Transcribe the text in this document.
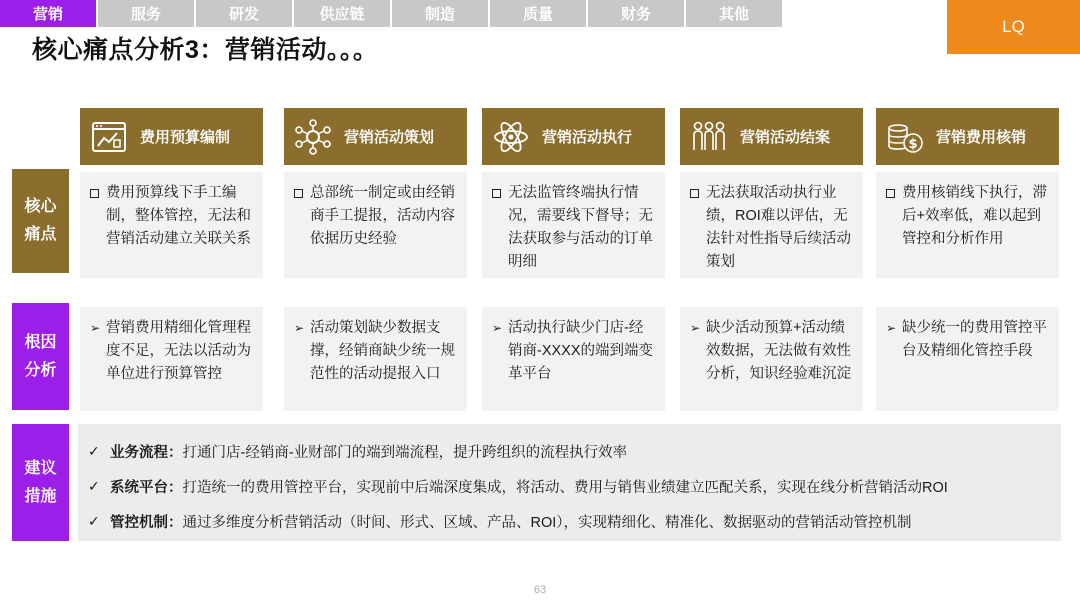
营销	服务	研发	供应链	制造	质量	财务	其他
LQ
核心痛点分析3：营销活动。。。
核心
痛点
根因
分析
建议
措施
费用预算编制
费用预算线下手工编制，整体管控，无法和营销活动建立关联关系
➢ 营销费用精细化管理程度不足，无法以活动为单位进行预算管控
营销活动策划
总部统一制定或由经销商手工提报，活动内容依据历史经验
➢ 活动策划缺少数据支撑，经销商缺少统一规范性的活动提报入口
营销活动执行
无法监管终端执行情况，需要线下督导；无法获取参与活动的订单明细
➢ 活动执行缺少门店-经销商-XXXX的端到端变革平台
营销活动结案
无法获取活动执行业绩，ROI难以评估，无法针对性指导后续活动策划
➢ 缺少活动预算+活动绩效数据，无法做有效性分析，知识经验难沉淀
$ 营销费用核销
费用核销线下执行，滞后+效率低，难以起到管控和分析作用
➢ 缺少统一的费用管控平台及精细化管控手段
✓ 业务流程： 打通门店-经销商-业财部门的端到端流程，提升跨组织的流程执行效率
✓ 系统平台： 打造统一的费用管控平台，实现前中后端深度集成，将活动、费用与销售业绩建立匹配关系，实现在线分析营销活动ROI
✓ 管控机制： 通过多维度分析营销活动（时间、形式、区域、产品、ROI），实现精细化、精准化、数据驱动的营销活动管控机制
63
